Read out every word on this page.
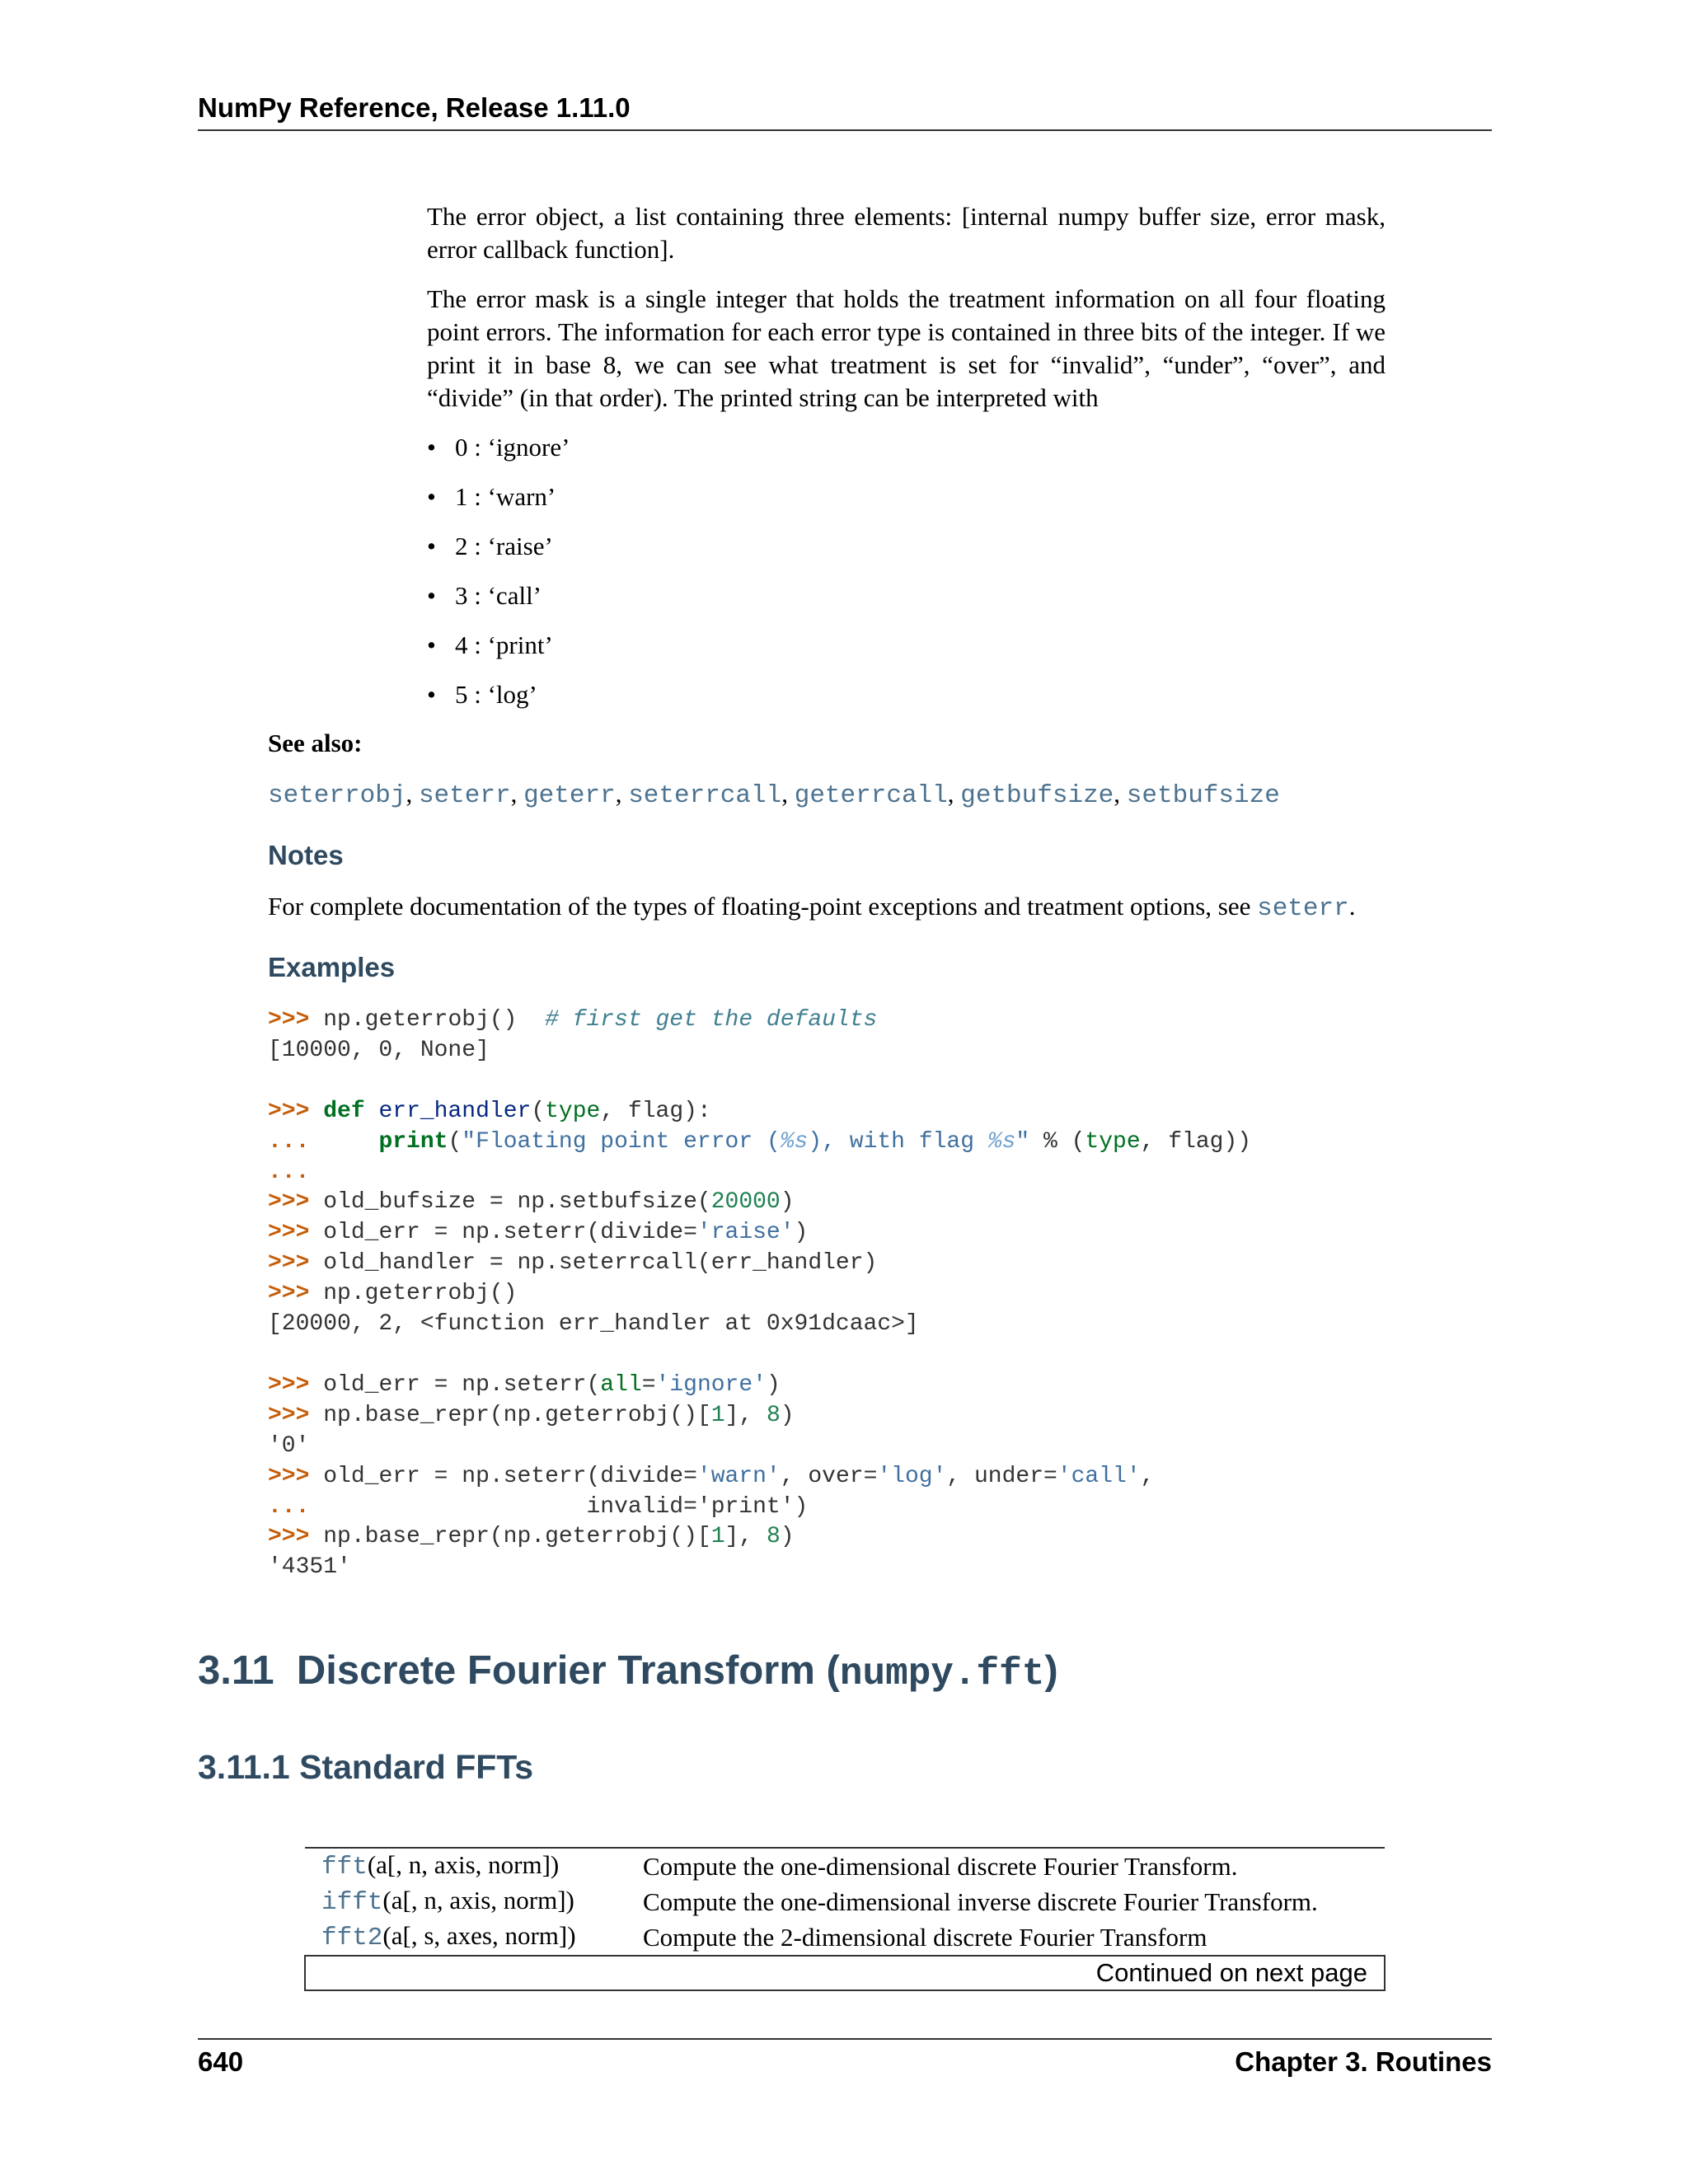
NumPy Reference, Release 1.11.0

The error object, a list containing three elements: [internal numpy buffer size, error mask, error callback function].

The error mask is a single integer that holds the treatment information on all four floating point errors. The information for each error type is contained in three bits of the integer. If we print it in base 8, we can see what treatment is set for “invalid”, “under”, “over”, and “divide” (in that order). The printed string can be interpreted with

• 0 : ‘ignore’
• 1 : ‘warn’
• 2 : ‘raise’
• 3 : ‘call’
• 4 : ‘print’
• 5 : ‘log’
See also:
seterrobj, seterr, geterr, seterrcall, geterrcall, getbufsize, setbufsize
Notes
For complete documentation of the types of floating-point exceptions and treatment options, see seterr.
Examples
>>> np.geterrobj()  # first get the defaults
[10000, 0, None]

>>> def err_handler(type, flag):
...	print("Floating point error (%s), with flag %s" % (type, flag))
...
>>> old_bufsize = np.setbufsize(20000)
>>> old_err = np.seterr(divide='raise')
>>> old_handler = np.seterrcall(err_handler)
>>> np.geterrobj()
[20000, 2, <function err_handler at 0x91dcaac>]

>>> old_err = np.seterr(all='ignore')
>>> np.base_repr(np.geterrobj()[1], 8)
'0'
>>> old_err = np.seterr(divide='warn', over='log', under='call',
...                    invalid='print')
>>> np.base_repr(np.geterrobj()[1], 8)
'4351'
3.11 Discrete Fourier Transform (numpy.fft)
3.11.1 Standard FFTs
fft(a[, n, axis, norm])	Compute the one-dimensional discrete Fourier Transform.
ifft(a[, n, axis, norm])	Compute the one-dimensional inverse discrete Fourier Transform.
fft2(a[, s, axes, norm])	Compute the 2-dimensional discrete Fourier Transform
Continued on next page	
640	Chapter 3. Routines
